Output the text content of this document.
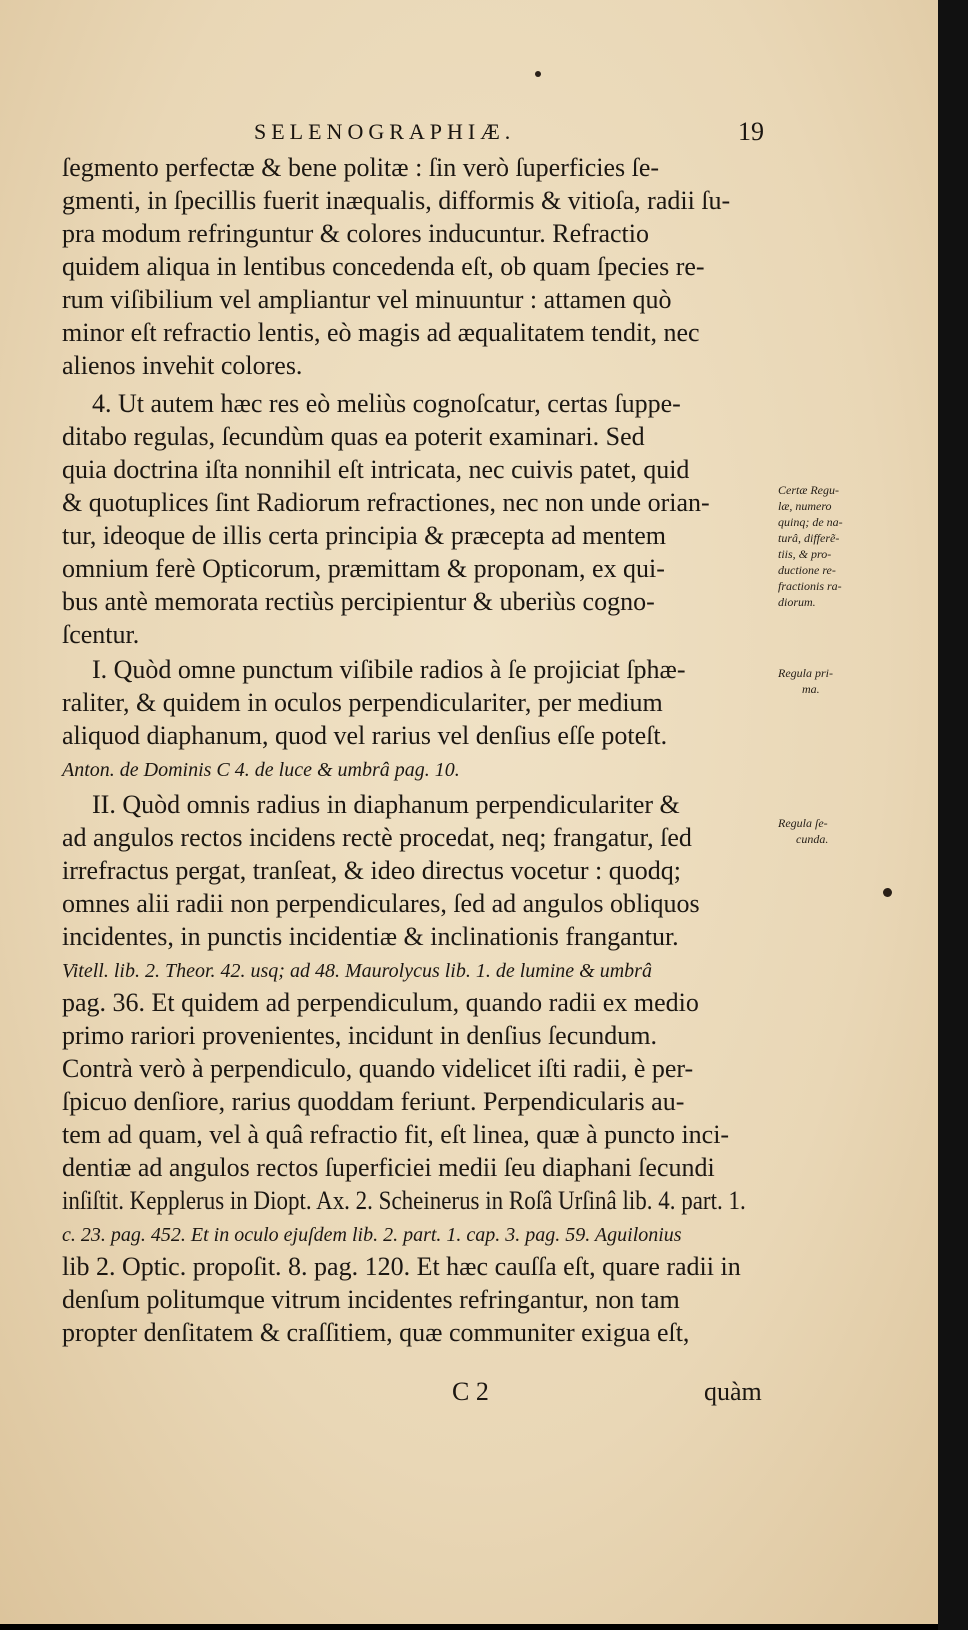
SELENOGRAPHIÆ.	19
ſegmento perfectæ & bene politæ : ſin verò ſuperficies ſe-
gmenti, in ſpecillis fuerit inæqualis, difformis & vitioſa, radii ſu-
pra modum refringuntur & colores inducuntur. Refractio
quidem aliqua in lentibus concedenda eſt, ob quam ſpecies re-
rum viſibilium vel ampliantur vel minuuntur : attamen quò
minor eſt refractio lentis, eò magis ad æqualitatem tendit, nec
alienos invehit colores.
4. Ut autem hæc res eò meliùs cognoſcatur, certas ſuppe-
ditabo regulas, ſecundùm quas ea poterit examinari. Sed
quia doctrina iſta nonnihil eſt intricata, nec cuivis patet, quid
& quotuplices ſint Radiorum refractiones, nec non unde orian-
tur, ideoque de illis certa principia & præcepta ad mentem
omnium ferè Opticorum, præmittam & proponam, ex qui-
bus antè memorata rectiùs percipientur & uberiùs cogno-
ſcentur.
I. Quòd omne punctum viſibile radios à ſe projiciat ſphæ-
raliter, & quidem in oculos perpendiculariter, per medium
aliquod diaphanum, quod vel rarius vel denſius eſſe poteſt.
Anton. de Dominis C 4. de luce & umbrâ pag. 10.
II. Quòd omnis radius in diaphanum perpendiculariter &
ad angulos rectos incidens rectè procedat, neq; frangatur, ſed
irrefractus pergat, tranſeat, & ideo directus vocetur : quodq;
omnes alii radii non perpendiculares, ſed ad angulos obliquos
incidentes, in punctis incidentiæ & inclinationis frangantur.
Vitell. lib. 2. Theor. 42. usq; ad 48. Maurolycus lib. 1. de lumine & umbrâ
pag. 36. Et quidem ad perpendiculum, quando radii ex medio
primo rariori provenientes, incidunt in denſius ſecundum.
Contrà verò à perpendiculo, quando videlicet iſti radii, è per-
ſpicuo denſiore, rarius quoddam feriunt. Perpendicularis au-
tem ad quam, vel à quâ refractio fit, eſt linea, quæ à puncto inci-
dentiæ ad angulos rectos ſuperficiei medii ſeu diaphani ſecundi
inſiſtit. Kepplerus in Diopt. Ax. 2. Scheinerus in Roſâ Urſinâ lib. 4. part. 1.
c. 23. pag. 452. Et in oculo ejuſdem lib. 2. part. 1. cap. 3. pag. 59. Aguilonius
lib 2. Optic. propoſit. 8. pag. 120. Et hæc cauſſa eſt, quare radii in
denſum politumque vitrum incidentes refringantur, non tam
propter denſitatem & craſſitiem, quæ communiter exigua eſt,
Certæ Regu-
læ, numero
quinq; de na-
turâ, differẽ-
tiis, & pro-
ductione re-
fractionis ra-
diorum.
Regula pri-
ma.
Regula ſe-
cunda.
C 2	quàm
